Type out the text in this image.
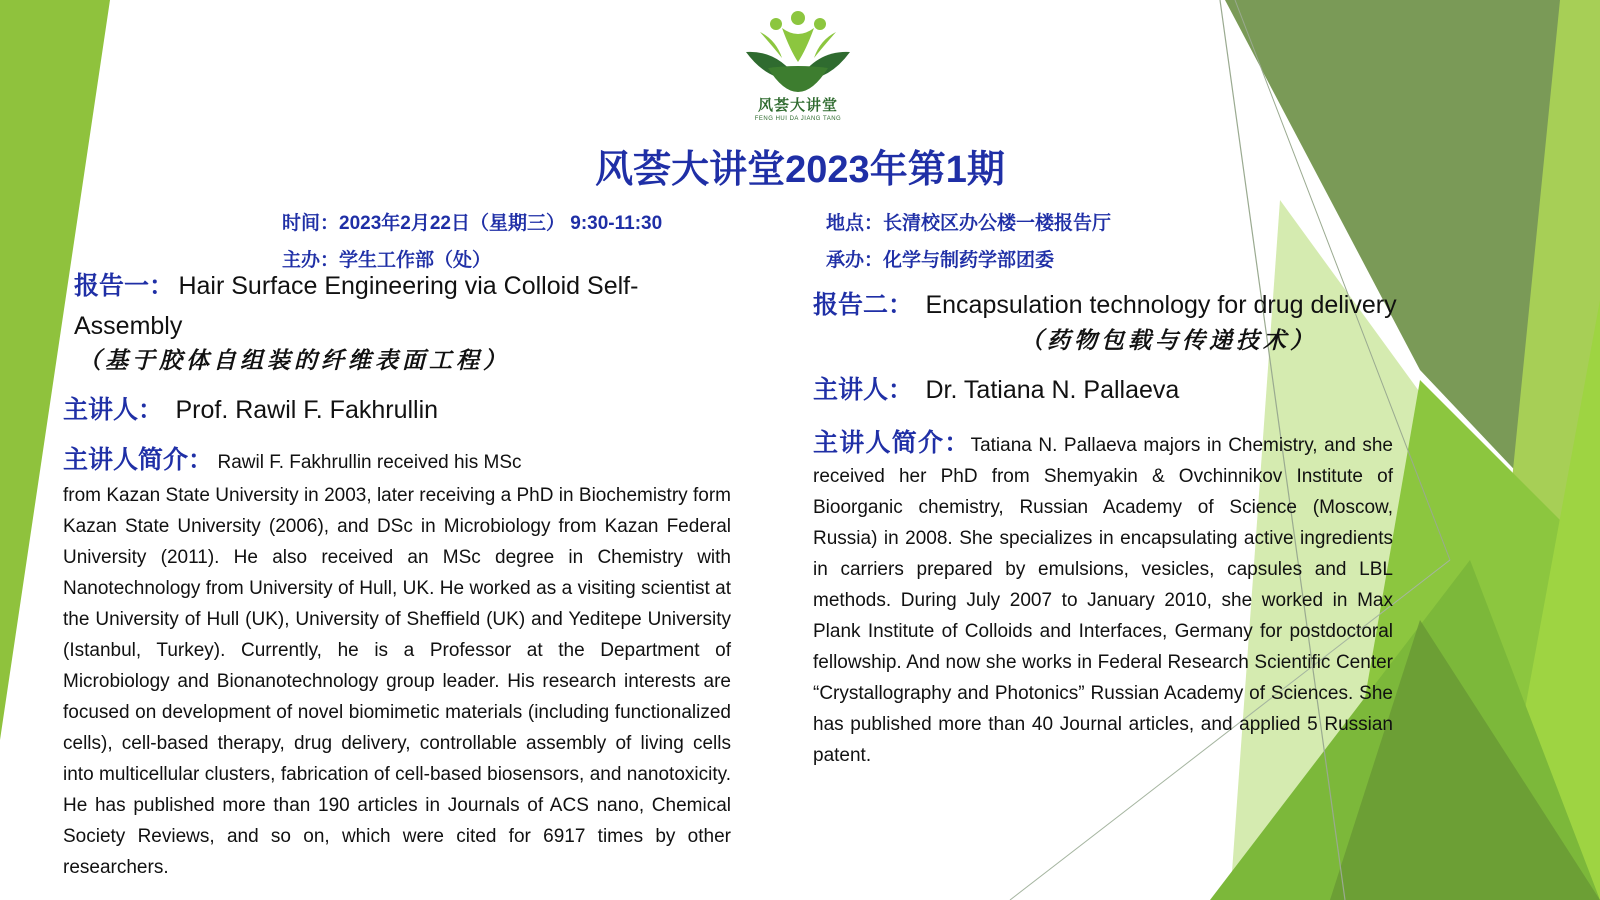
风荟大讲堂
FENG HUI DA JIANG TANG
风荟大讲堂2023年第1期
时间：2023年2月22日（星期三） 9:30-11:30	地点：长清校区办公楼一楼报告厅
主办：学生工作部（处）	承办：化学与制药学部团委
报告一： Hair Surface Engineering via Colloid Self-
Assembly
（基于胶体自组装的纤维表面工程）
主讲人： Prof. Rawil F. Fakhrullin
主讲人简介： Rawil F. Fakhrullin received his MSc
from Kazan State University in 2003, later receiving a PhD in Biochemistry form Kazan State University (2006), and DSc in Microbiology from Kazan Federal University (2011). He also received an MSc degree in Chemistry with Nanotechnology from University of Hull, UK. He worked as a visiting scientist at the University of Hull (UK), University of Sheffield (UK) and Yeditepe University (Istanbul, Turkey). Currently, he is a Professor at the Department of Microbiology and Bionanotechnology group leader. His research interests are focused on development of novel biomimetic materials (including functionalized cells), cell-based therapy, drug delivery, controllable assembly of living cells into multicellular clusters, fabrication of cell-based biosensors, and nanotoxicity. He has published more than 190 articles in Journals of ACS nano, Chemical Society Reviews, and so on, which were cited for 6917 times by other researchers.
报告二： Encapsulation technology for drug delivery
（药物包载与传递技术）
主讲人： Dr. Tatiana N. Pallaeva
主讲人简介：Tatiana N. Pallaeva majors in Chemistry, and she received her PhD from Shemyakin & Ovchinnikov Institute of Bioorganic chemistry, Russian Academy of Science (Moscow, Russia) in 2008. She specializes in encapsulating active ingredients in carriers prepared by emulsions, vesicles, capsules and LBL methods. During July 2007 to January 2010, she worked in Max Plank Institute of Colloids and Interfaces, Germany for postdoctoral fellowship. And now she works in Federal Research Scientific Center “Crystallography and Photonics” Russian Academy of Sciences. She has published more than 40 Journal articles, and applied 5 Russian patent.
